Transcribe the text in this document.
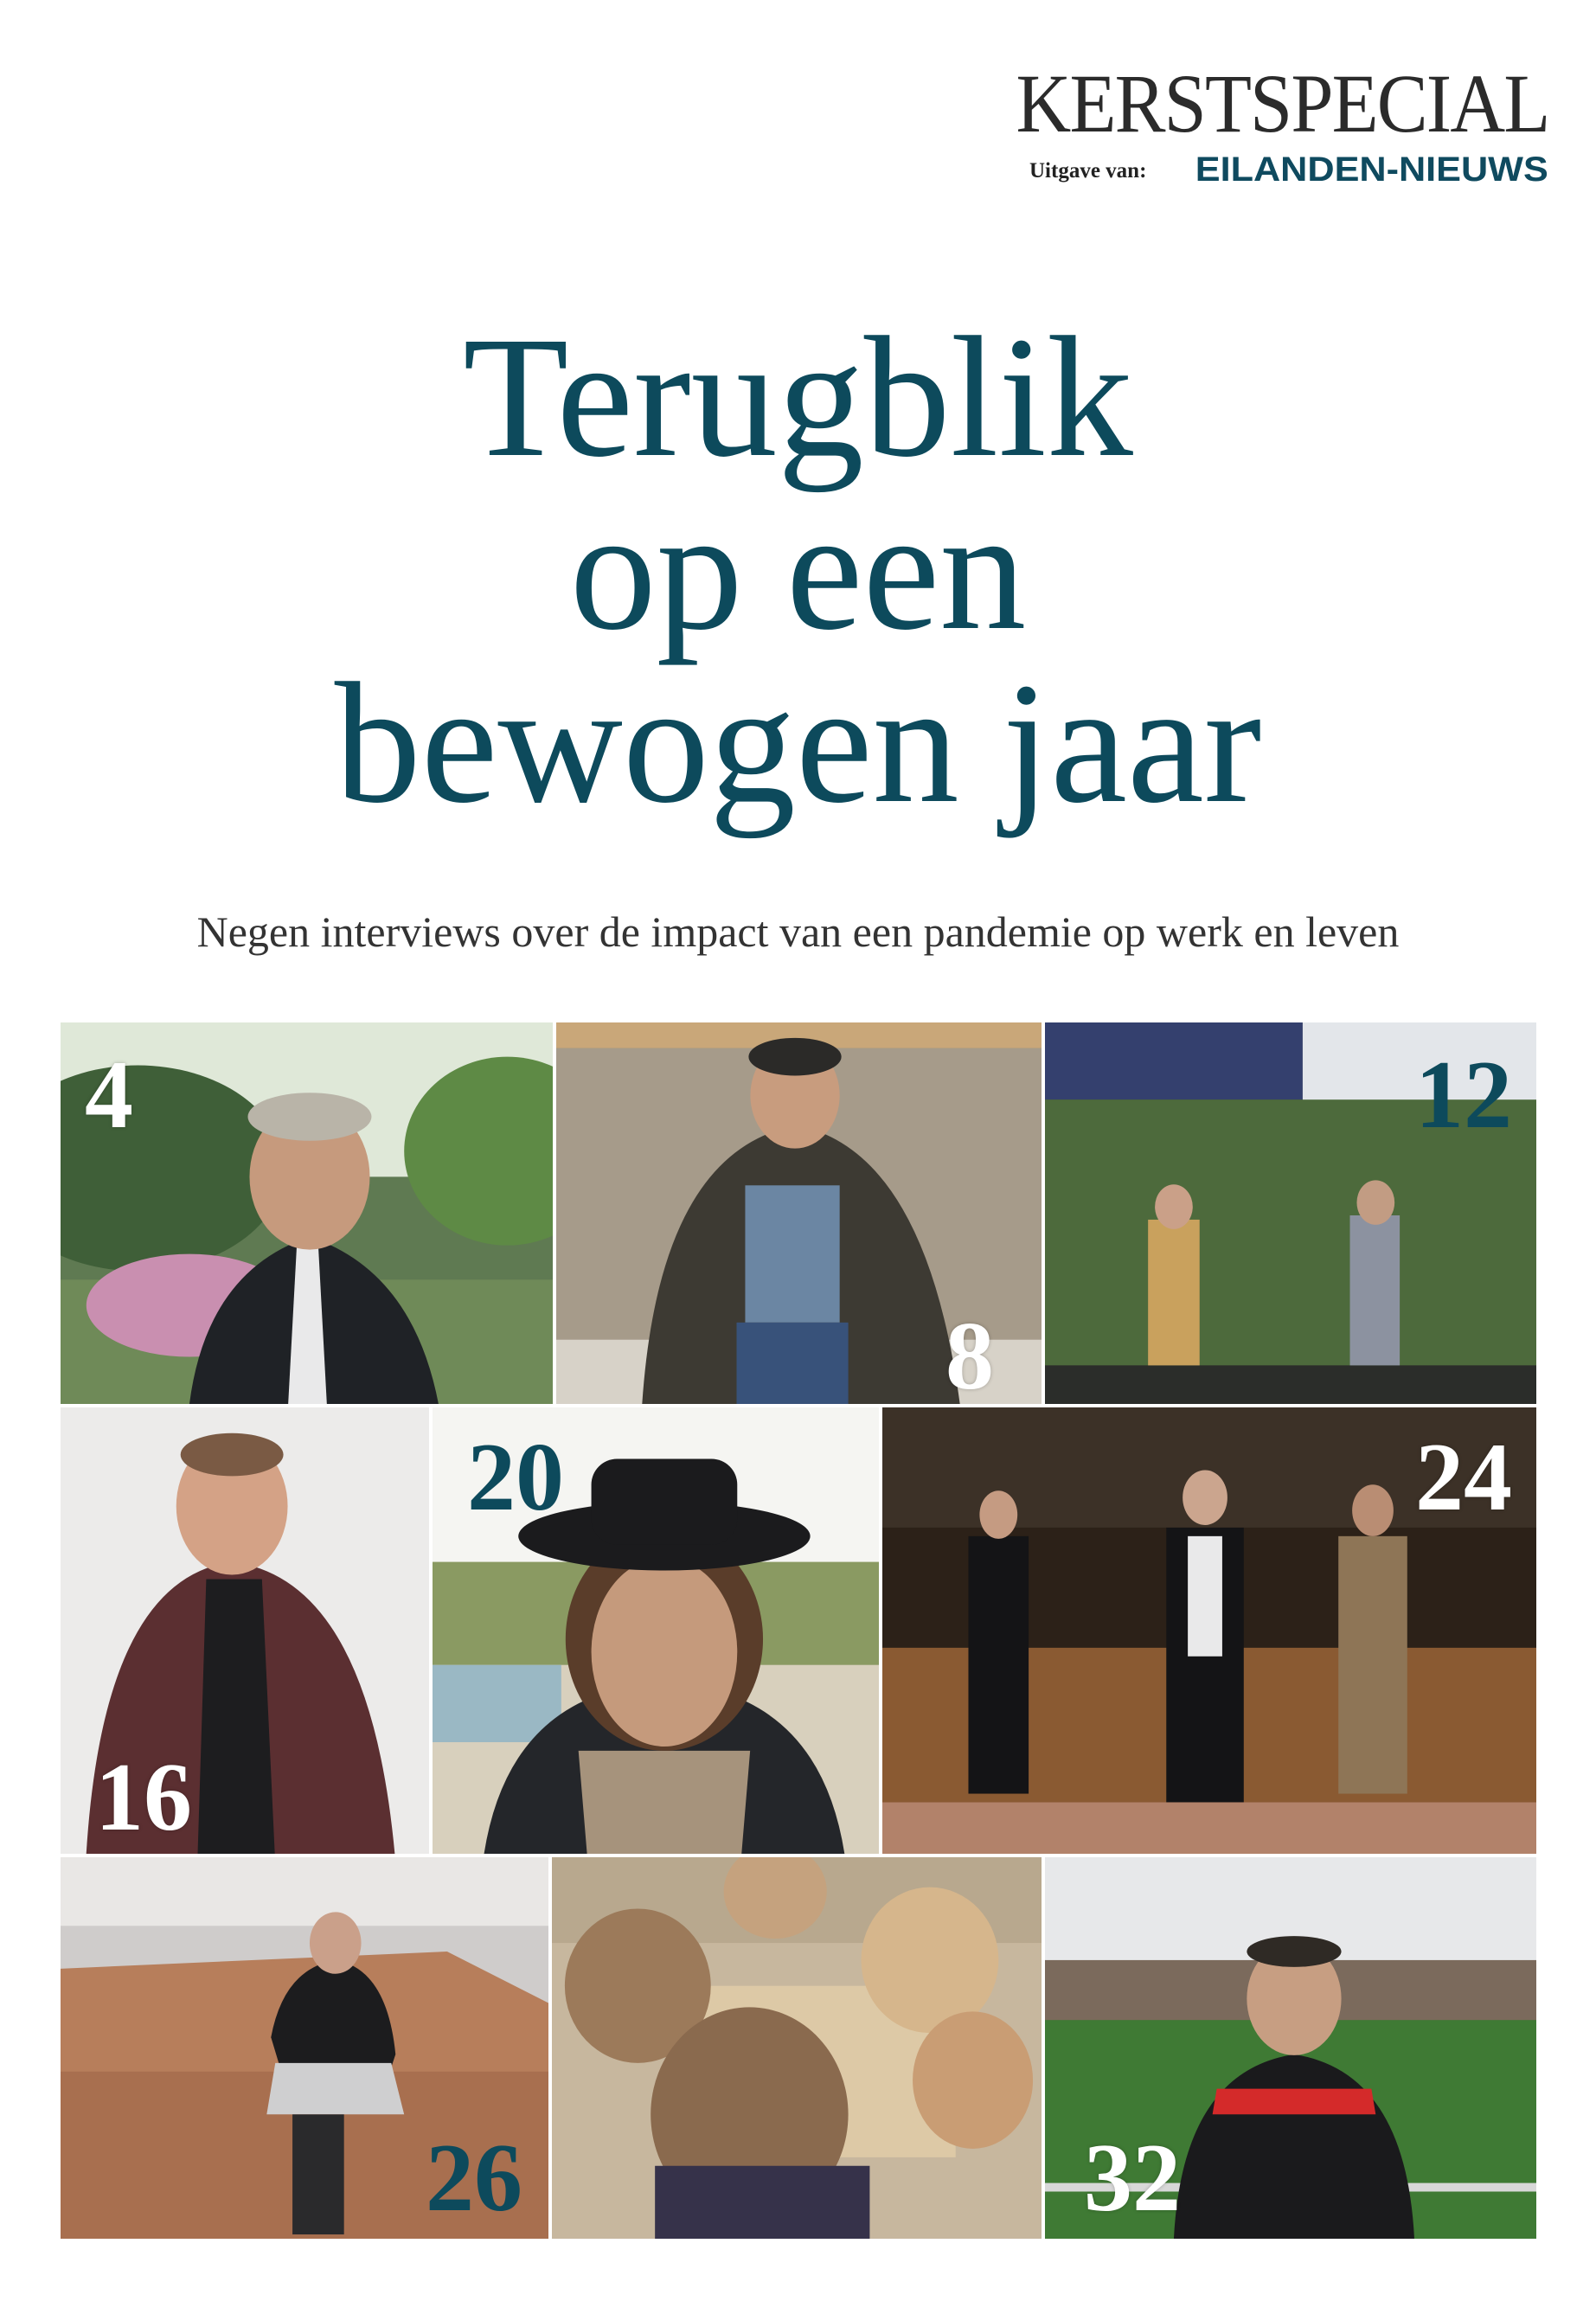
KERSTSPECIAL
Uitgave van: EILANDEN-NIEUWS
Terugblik
op een
bewogen jaar
Negen interviews over de impact van een pandemie op werk en leven
4
8
12
16
20	24
26	32
